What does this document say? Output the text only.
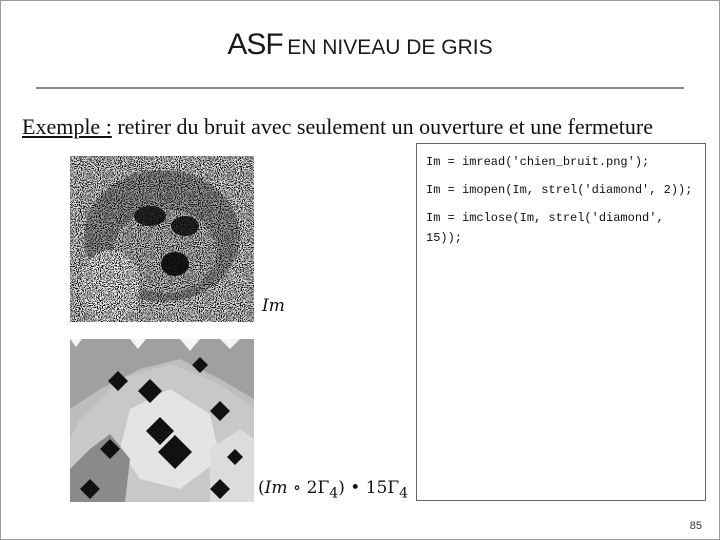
ASF EN NIVEAU DE GRIS
Exemple : retirer du bruit avec seulement un ouverture et une fermeture
Im
(Im ∘ $2\Gamma_4$) • $15\Gamma_4$
Im = imread('chien_bruit.png');
Im = imopen(Im, strel('diamond', 2));
Im = imclose(Im, strel('diamond', 15));
85
